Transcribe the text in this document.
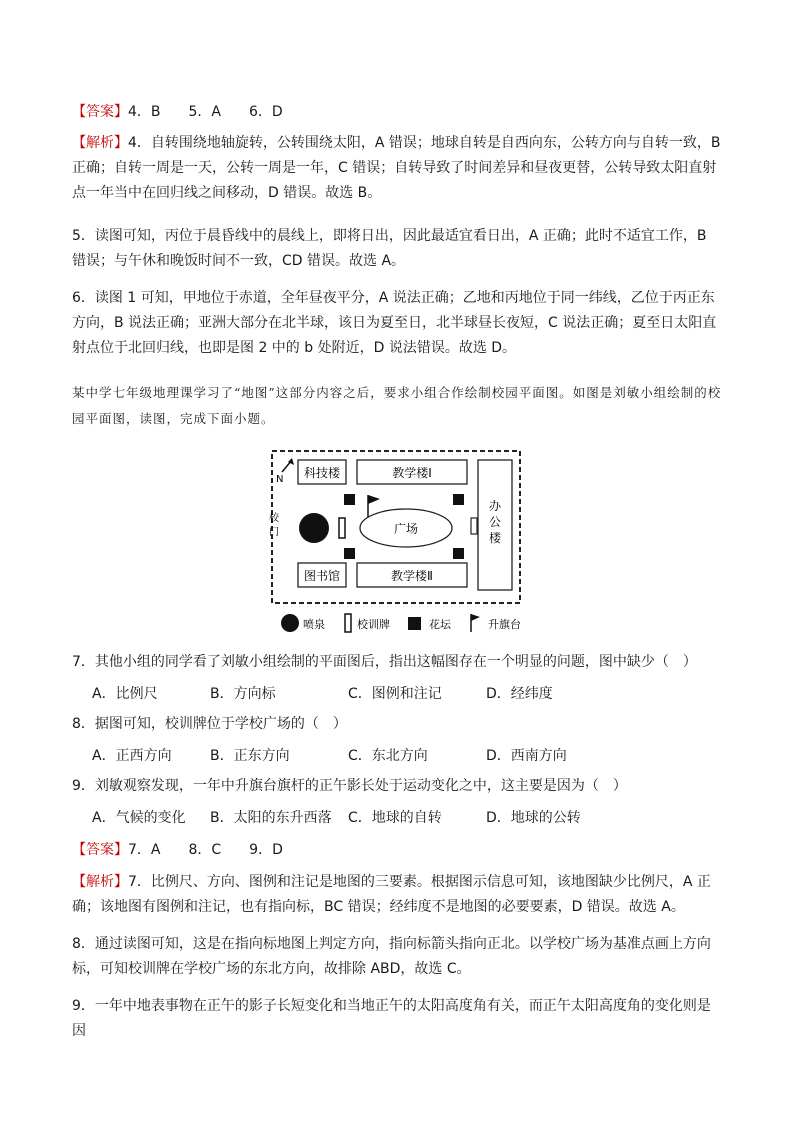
【答案】4．B　　5．A　　6．D
【解析】4．自转围绕地轴旋转，公转围绕太阳，A 错误；地球自转是自西向东，公转方向与自转一致，B 正确；自转一周是一天，公转一周是一年，C 错误；自转导致了时间差异和昼夜更替，公转导致太阳直射点一年当中在回归线之间移动，D 错误。故选 B。
5．读图可知，丙位于晨昏线中的晨线上，即将日出，因此最适宜看日出，A 正确；此时不适宜工作，B 错误；与午休和晚饭时间不一致，CD 错误。故选 A。
6．读图 1 可知，甲地位于赤道，全年昼夜平分，A 说法正确；乙地和丙地位于同一纬线，乙位于丙正东方向，B 说法正确；亚洲大部分在北半球，该日为夏至日，北半球昼长夜短，C 说法正确；夏至日太阳直射点位于北回归线，也即是图 2 中的 b 处附近，D 说法错误。故选 D。
某中学七年级地理课学习了“地图”这部分内容之后，要求小组合作绘制校园平面图。如图是刘敏小组绘制的校园平面图，读图，完成下面小题。
N 科技楼	教学楼Ⅰ
办
公
楼
校
门	广场
图书馆	教学楼Ⅱ
喷泉	校训牌	花坛	升旗台
7．其他小组的同学看了刘敏小组绘制的平面图后，指出这幅图存在一个明显的问题，图中缺少（　）
A．比例尺	B．方向标	C．图例和注记	D．经纬度
8．据图可知，校训牌位于学校广场的（　）
A．正西方向	B．正东方向	C．东北方向	D．西南方向
9．刘敏观察发现，一年中升旗台旗杆的正午影长处于运动变化之中，这主要是因为（　）
A．气候的变化 B．太阳的东升西落 C．地球的自转	D．地球的公转
【答案】7．A　　8．C　　9．D
【解析】7．比例尺、方向、图例和注记是地图的三要素。根据图示信息可知，该地图缺少比例尺，A 正确；该地图有图例和注记，也有指向标，BC 错误；经纬度不是地图的必要要素，D 错误。故选 A。
8．通过读图可知，这是在指向标地图上判定方向，指向标箭头指向正北。以学校广场为基准点画上方向标，可知校训牌在学校广场的东北方向，故排除 ABD，故选 C。
9．一年中地表事物在正午的影子长短变化和当地正午的太阳高度角有关，而正午太阳高度角的变化则是因
